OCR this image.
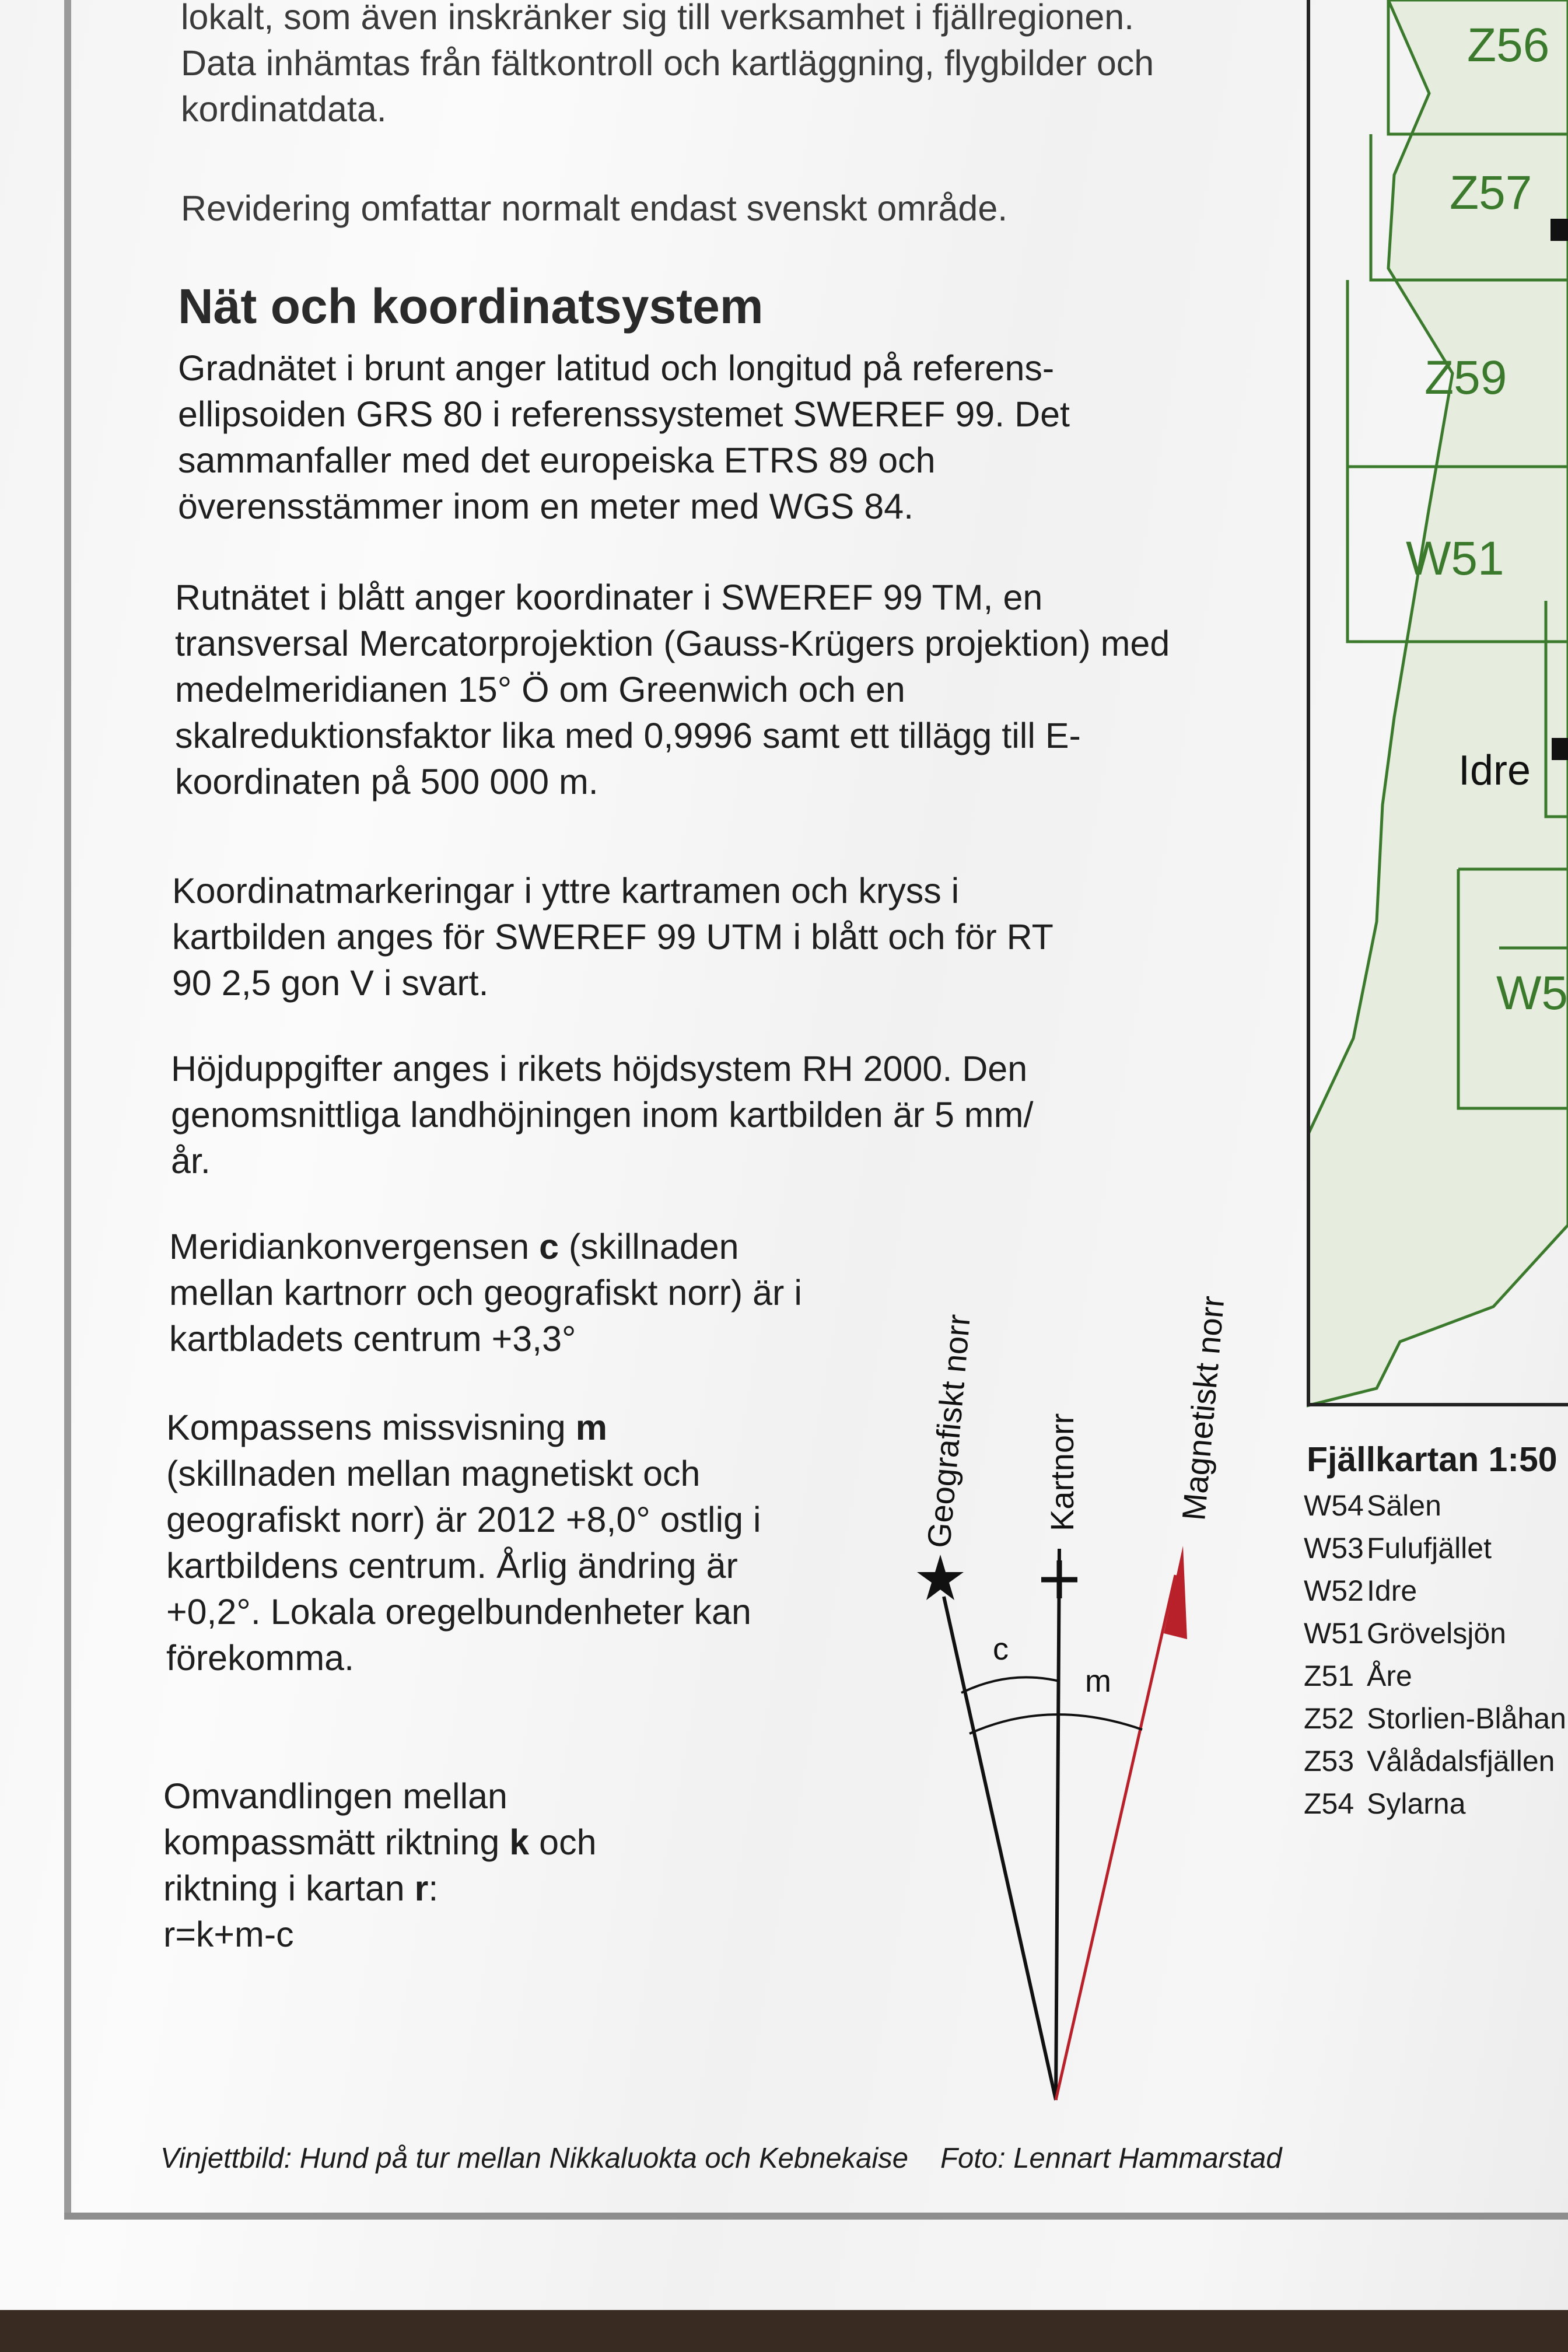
lokalt, som även inskränker sig till verksamhet i fjällregionen. Data inhämtas från fältkontroll och kartläggning, flygbilder och kordinatdata.

Revidering omfattar normalt endast svenskt område.

Nät och koordinatsystem

Gradnätet i brunt anger latitud och longitud på referens-ellipsoiden GRS 80 i referenssystemet SWEREF 99. Det sammanfaller med det europeiska ETRS 89 och överensstämmer inom en meter med WGS 84.

Rutnätet i blått anger koordinater i SWEREF 99 TM, en transversal Mercatorprojektion (Gauss-Krügers projektion) med medelmeridianen 15° Ö om Greenwich och en skalreduktionsfaktor lika med 0,9996 samt ett tillägg till E-koordinaten på 500 000 m.

Koordinatmarkeringar i yttre kartramen och kryss i kartbilden anges för SWEREF 99 UTM i blått och för RT 90 2,5 gon V i svart.

Höjduppgifter anges i rikets höjdsystem RH 2000. Den genomsnittliga landhöjningen inom kartbilden är 5 mm/år.

Meridiankonvergensen c (skillnaden mellan kartnorr och geografiskt norr) är i kartbladets centrum +3,3°

Kompassens missvisning m (skillnaden mellan magnetiskt och geografiskt norr) är 2012 +8,0° ostlig i kartbildens centrum. Årlig ändring är +0,2°. Lokala oregelbundenheter kan förekomma.

Omvandlingen mellan kompassmätt riktning k och riktning i kartan r:
r=k+m-c

c
m
Geografiskt norr Kartnorr	Magnetiskt norr
Z56
Z57
Z59
W51
Idre
W5

Fjällkartan 1:50

W54 Sälen
W53 Fulufjället
W52 Idre
W51 Grövelsjön
Z51 Åre
Z52 Storlien-Blåhan
Z53 Vålådalsfjällen
Z54 Sylarna

Vinjettbild: Hund på tur mellan Nikkaluokta och Kebnekaise Foto: Lennart Hammarstad
